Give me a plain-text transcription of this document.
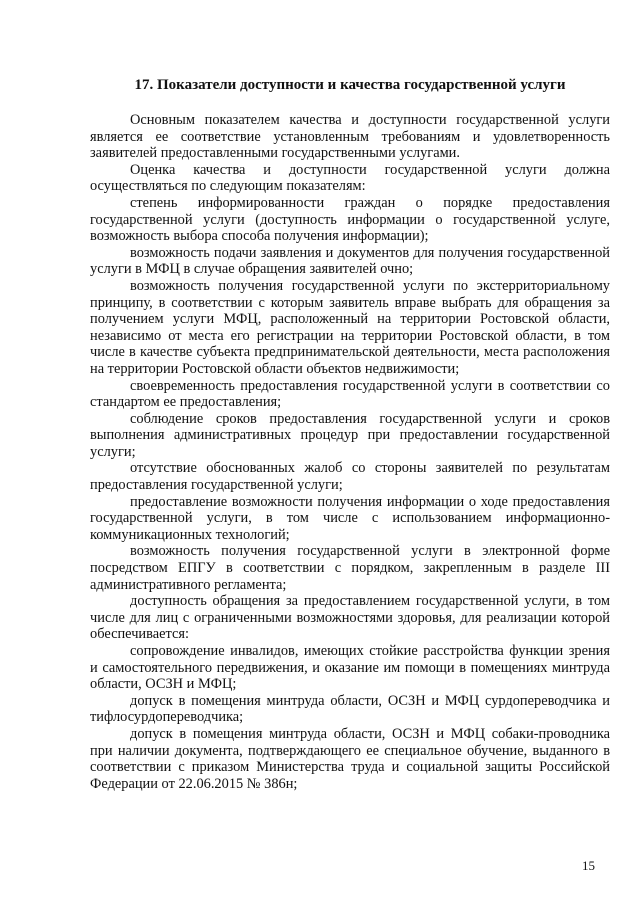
17. Показатели доступности и качества государственной услуги

Основным показателем качества и доступности государственной услуги является ее соответствие установленным требованиям и удовлетворенность заявителей предоставленными государственными услугами.

Оценка качества и доступности государственной услуги должна осуществляться по следующим показателям:

степень информированности граждан о порядке предоставления государственной услуги (доступность информации о государственной услуге, возможность выбора способа получения информации);

возможность подачи заявления и документов для получения государственной услуги в МФЦ в случае обращения заявителей очно;

возможность получения государственной услуги по экстерриториальному принципу, в соответствии с которым заявитель вправе выбрать для обращения за получением услуги МФЦ, расположенный на территории Ростовской области, независимо от места его регистрации на территории Ростовской области, в том числе в качестве субъекта предпринимательской деятельности, места расположения на территории Ростовской области объектов недвижимости;

своевременность предоставления государственной услуги в соответствии со стандартом ее предоставления;

соблюдение сроков предоставления государственной услуги и сроков выполнения административных процедур при предоставлении государственной услуги;

отсутствие обоснованных жалоб со стороны заявителей по результатам предоставления государственной услуги;

предоставление возможности получения информации о ходе предоставления государственной услуги, в том числе с использованием информационно-коммуникационных технологий;

возможность получения государственной услуги в электронной форме посредством ЕПГУ в соответствии с порядком, закрепленным в разделе III административного регламента;

доступность обращения за предоставлением государственной услуги, в том числе для лиц с ограниченными возможностями здоровья, для реализации которой обеспечивается:

сопровождение инвалидов, имеющих стойкие расстройства функции зрения и самостоятельного передвижения, и оказание им помощи в помещениях минтруда области, ОСЗН и МФЦ;

допуск в помещения минтруда области, ОСЗН и МФЦ сурдопереводчика и тифлосурдопереводчика;

допуск в помещения минтруда области, ОСЗН и МФЦ собаки-проводника при наличии документа, подтверждающего ее специальное обучение, выданного в соответствии с приказом Министерства труда и социальной защиты Российской Федерации от 22.06.2015 № 386н;

15
